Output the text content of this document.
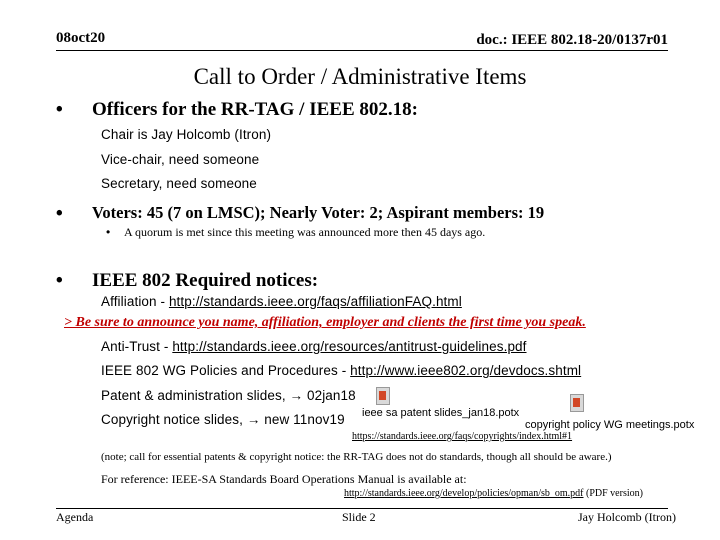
08oct20	doc.: IEEE 802.18-20/0137r01
Call to Order / Administrative Items
• Officers for the RR-TAG / IEEE 802.18:
Chair is Jay Holcomb (Itron)
Vice-chair, need someone
Secretary, need someone
• Voters: 45 (7 on LMSC); Nearly Voter: 2; Aspirant members: 19
• A quorum is met since this meeting was announced more then 45 days ago.
• IEEE 802 Required notices:
Affiliation - http://standards.ieee.org/faqs/affiliationFAQ.html
> Be sure to announce you name, affiliation, employer and clients the first time you speak.
Anti-Trust - http://standards.ieee.org/resources/antitrust-guidelines.pdf
IEEE 802 WG Policies and Procedures - http://www.ieee802.org/devdocs.shtml
Patent & administration slides, → 02jan18
Copyright notice slides, → new 11nov19 ieee sa patent slides_jan18.potx
copyright policy WG meetings.potx
https://standards.ieee.org/faqs/copyrights/index.html#1
(note; call for essential patents & copyright notice: the RR-TAG does not do standards, though all should be aware.)
For reference: IEEE-SA Standards Board Operations Manual is available at:
http://standards.ieee.org/develop/policies/opman/sb_om.pdf (PDF version)
Agenda	Slide 2	Jay Holcomb (Itron)
